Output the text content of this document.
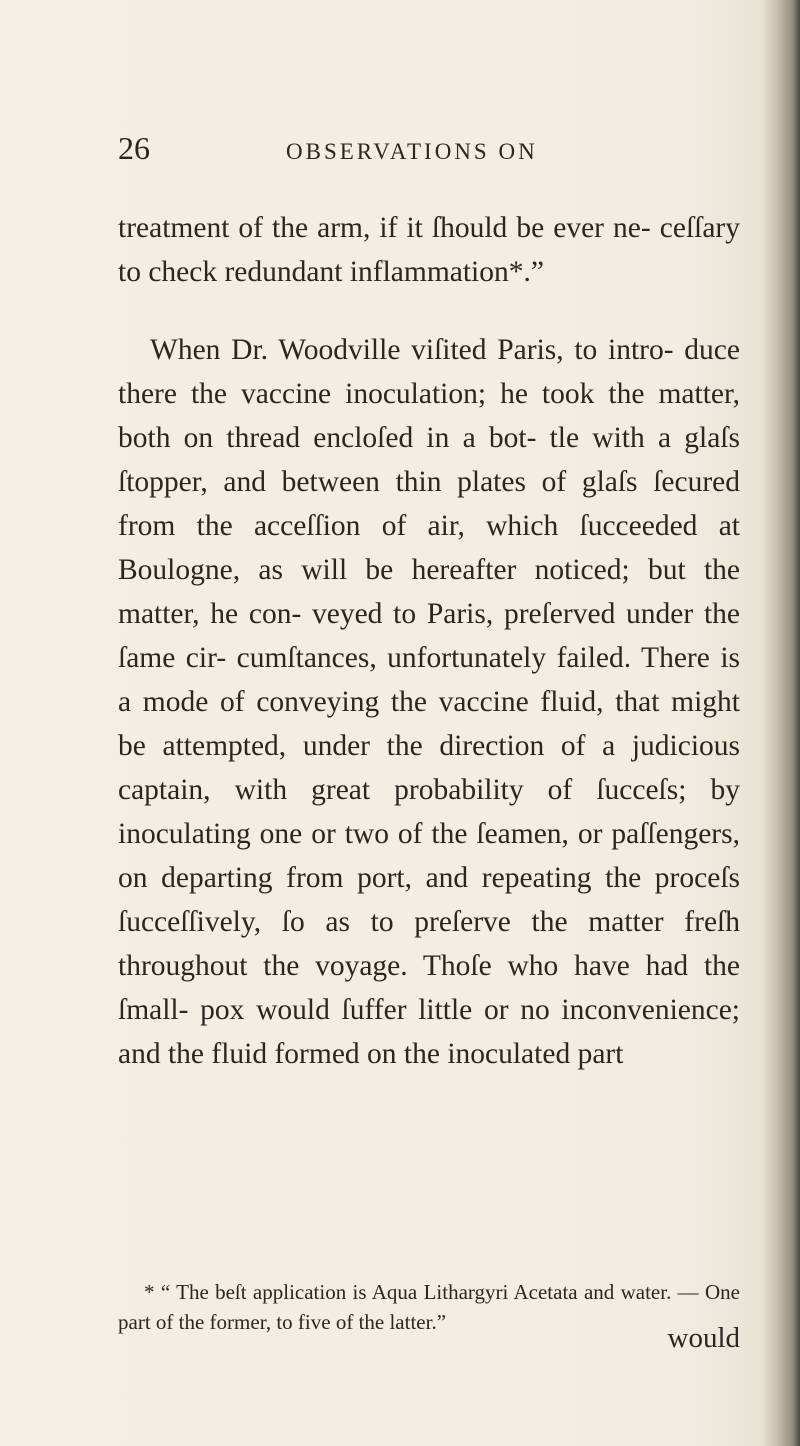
26	OBSERVATIONS ON

treatment of the arm, if it ſhould be ever ne- ceſſary to check redundant inflammation*.”

When Dr. Woodville viſited Paris, to intro- duce there the vaccine inoculation; he took the matter, both on thread encloſed in a bot- tle with a glaſs ſtopper, and between thin plates of glaſs ſecured from the acceſſion of air, which ſucceeded at Boulogne, as will be hereafter noticed; but the matter, he con- veyed to Paris, preſerved under the ſame cir- cumſtances, unfortunately failed. There is a mode of conveying the vaccine fluid, that might be attempted, under the direction of a judicious captain, with great probability of ſucceſs; by inoculating one or two of the ſeamen, or paſſengers, on departing from port, and repeating the proceſs ſucceſſively, ſo as to preſerve the matter freſh throughout the voyage. Thoſe who have had the ſmall- pox would ſuffer little or no inconvenience; and the fluid formed on the inoculated part

* “ The beſt application is Aqua Lithargyri Acetata and water. — One part of the former, to five of the latter.”	would
